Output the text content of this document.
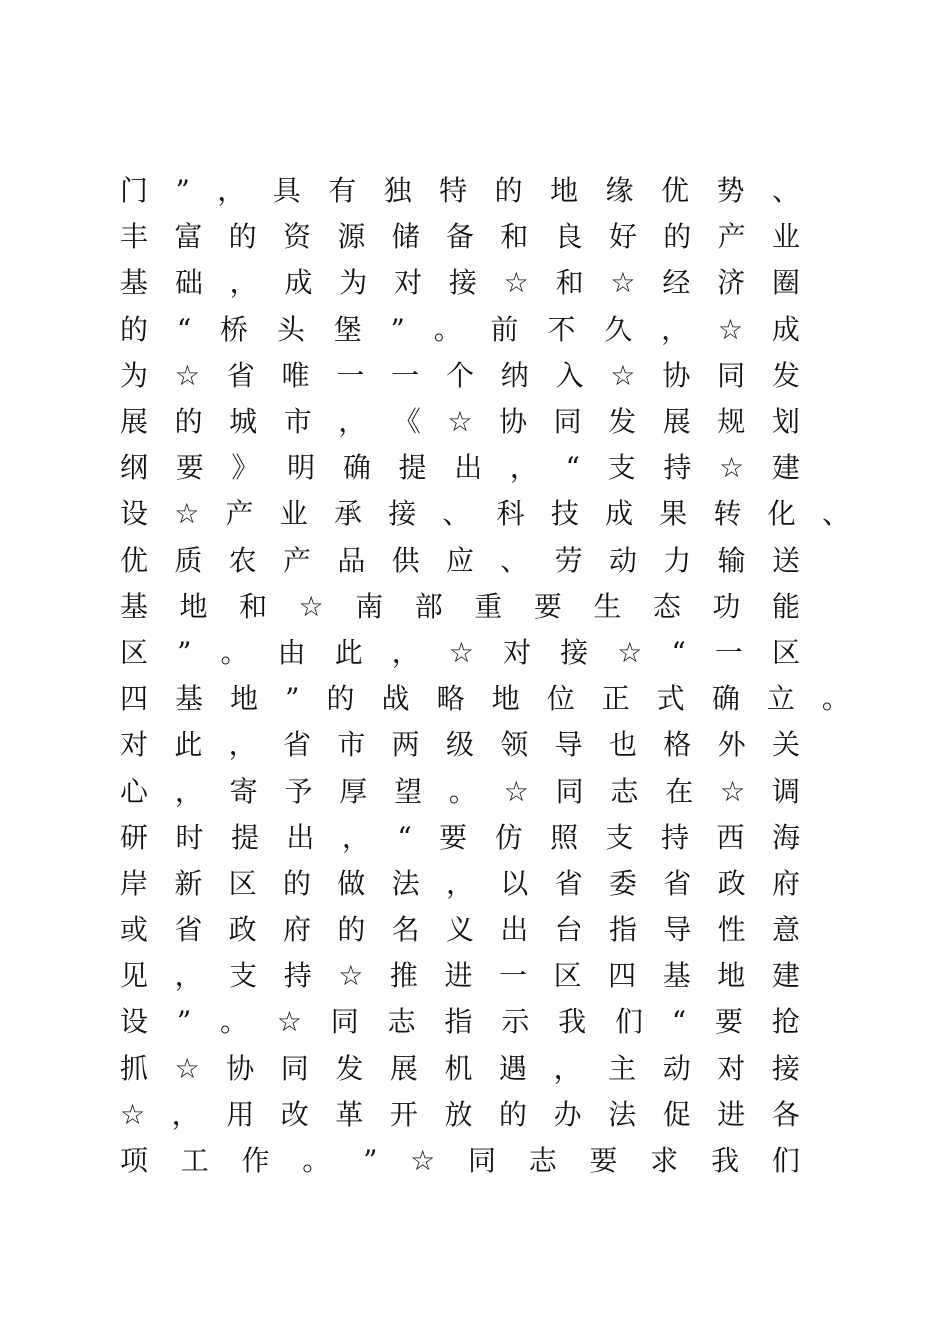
门 ” ， 具 有 独 特 的 地 缘 优 势 、
丰 富 的 资 源 储 备 和 良 好 的 产 业
基 础 ， 成 为 对 接 ☆ 和 ☆ 经 济 圈
的 “ 桥 头 堡 ” 。 前 不 久 ， ☆ 成
为 ☆ 省 唯 一 一 个 纳 入 ☆ 协 同 发
展 的 城 市 ， 《 ☆ 协 同 发 展 规 划
纲 要 》 明 确 提 出 ， “ 支 持 ☆ 建
设 ☆ 产 业 承 接 、 科 技 成 果 转 化 、
优 质 农 产 品 供 应 、 劳 动 力 输 送
基 地 和 ☆ 南 部 重 要 生 态 功 能
区 ” 。 由 此 ， ☆ 对 接 ☆ “ 一 区
四 基 地 ” 的 战 略 地 位 正 式 确 立 。
对 此 ， 省 市 两 级 领 导 也 格 外 关
心 ， 寄 予 厚 望 。 ☆ 同 志 在 ☆ 调
研 时 提 出 ， “ 要 仿 照 支 持 西 海
岸 新 区 的 做 法 ， 以 省 委 省 政 府
或 省 政 府 的 名 义 出 台 指 导 性 意
见 ， 支 持 ☆ 推 进 一 区 四 基 地 建
设 ” 。 ☆ 同 志 指 示 我 们 “ 要 抢
抓 ☆ 协 同 发 展 机 遇 ， 主 动 对 接
☆ ， 用 改 革 开 放 的 办 法 促 进 各
项 工 作 。 ” ☆ 同 志 要 求 我 们
